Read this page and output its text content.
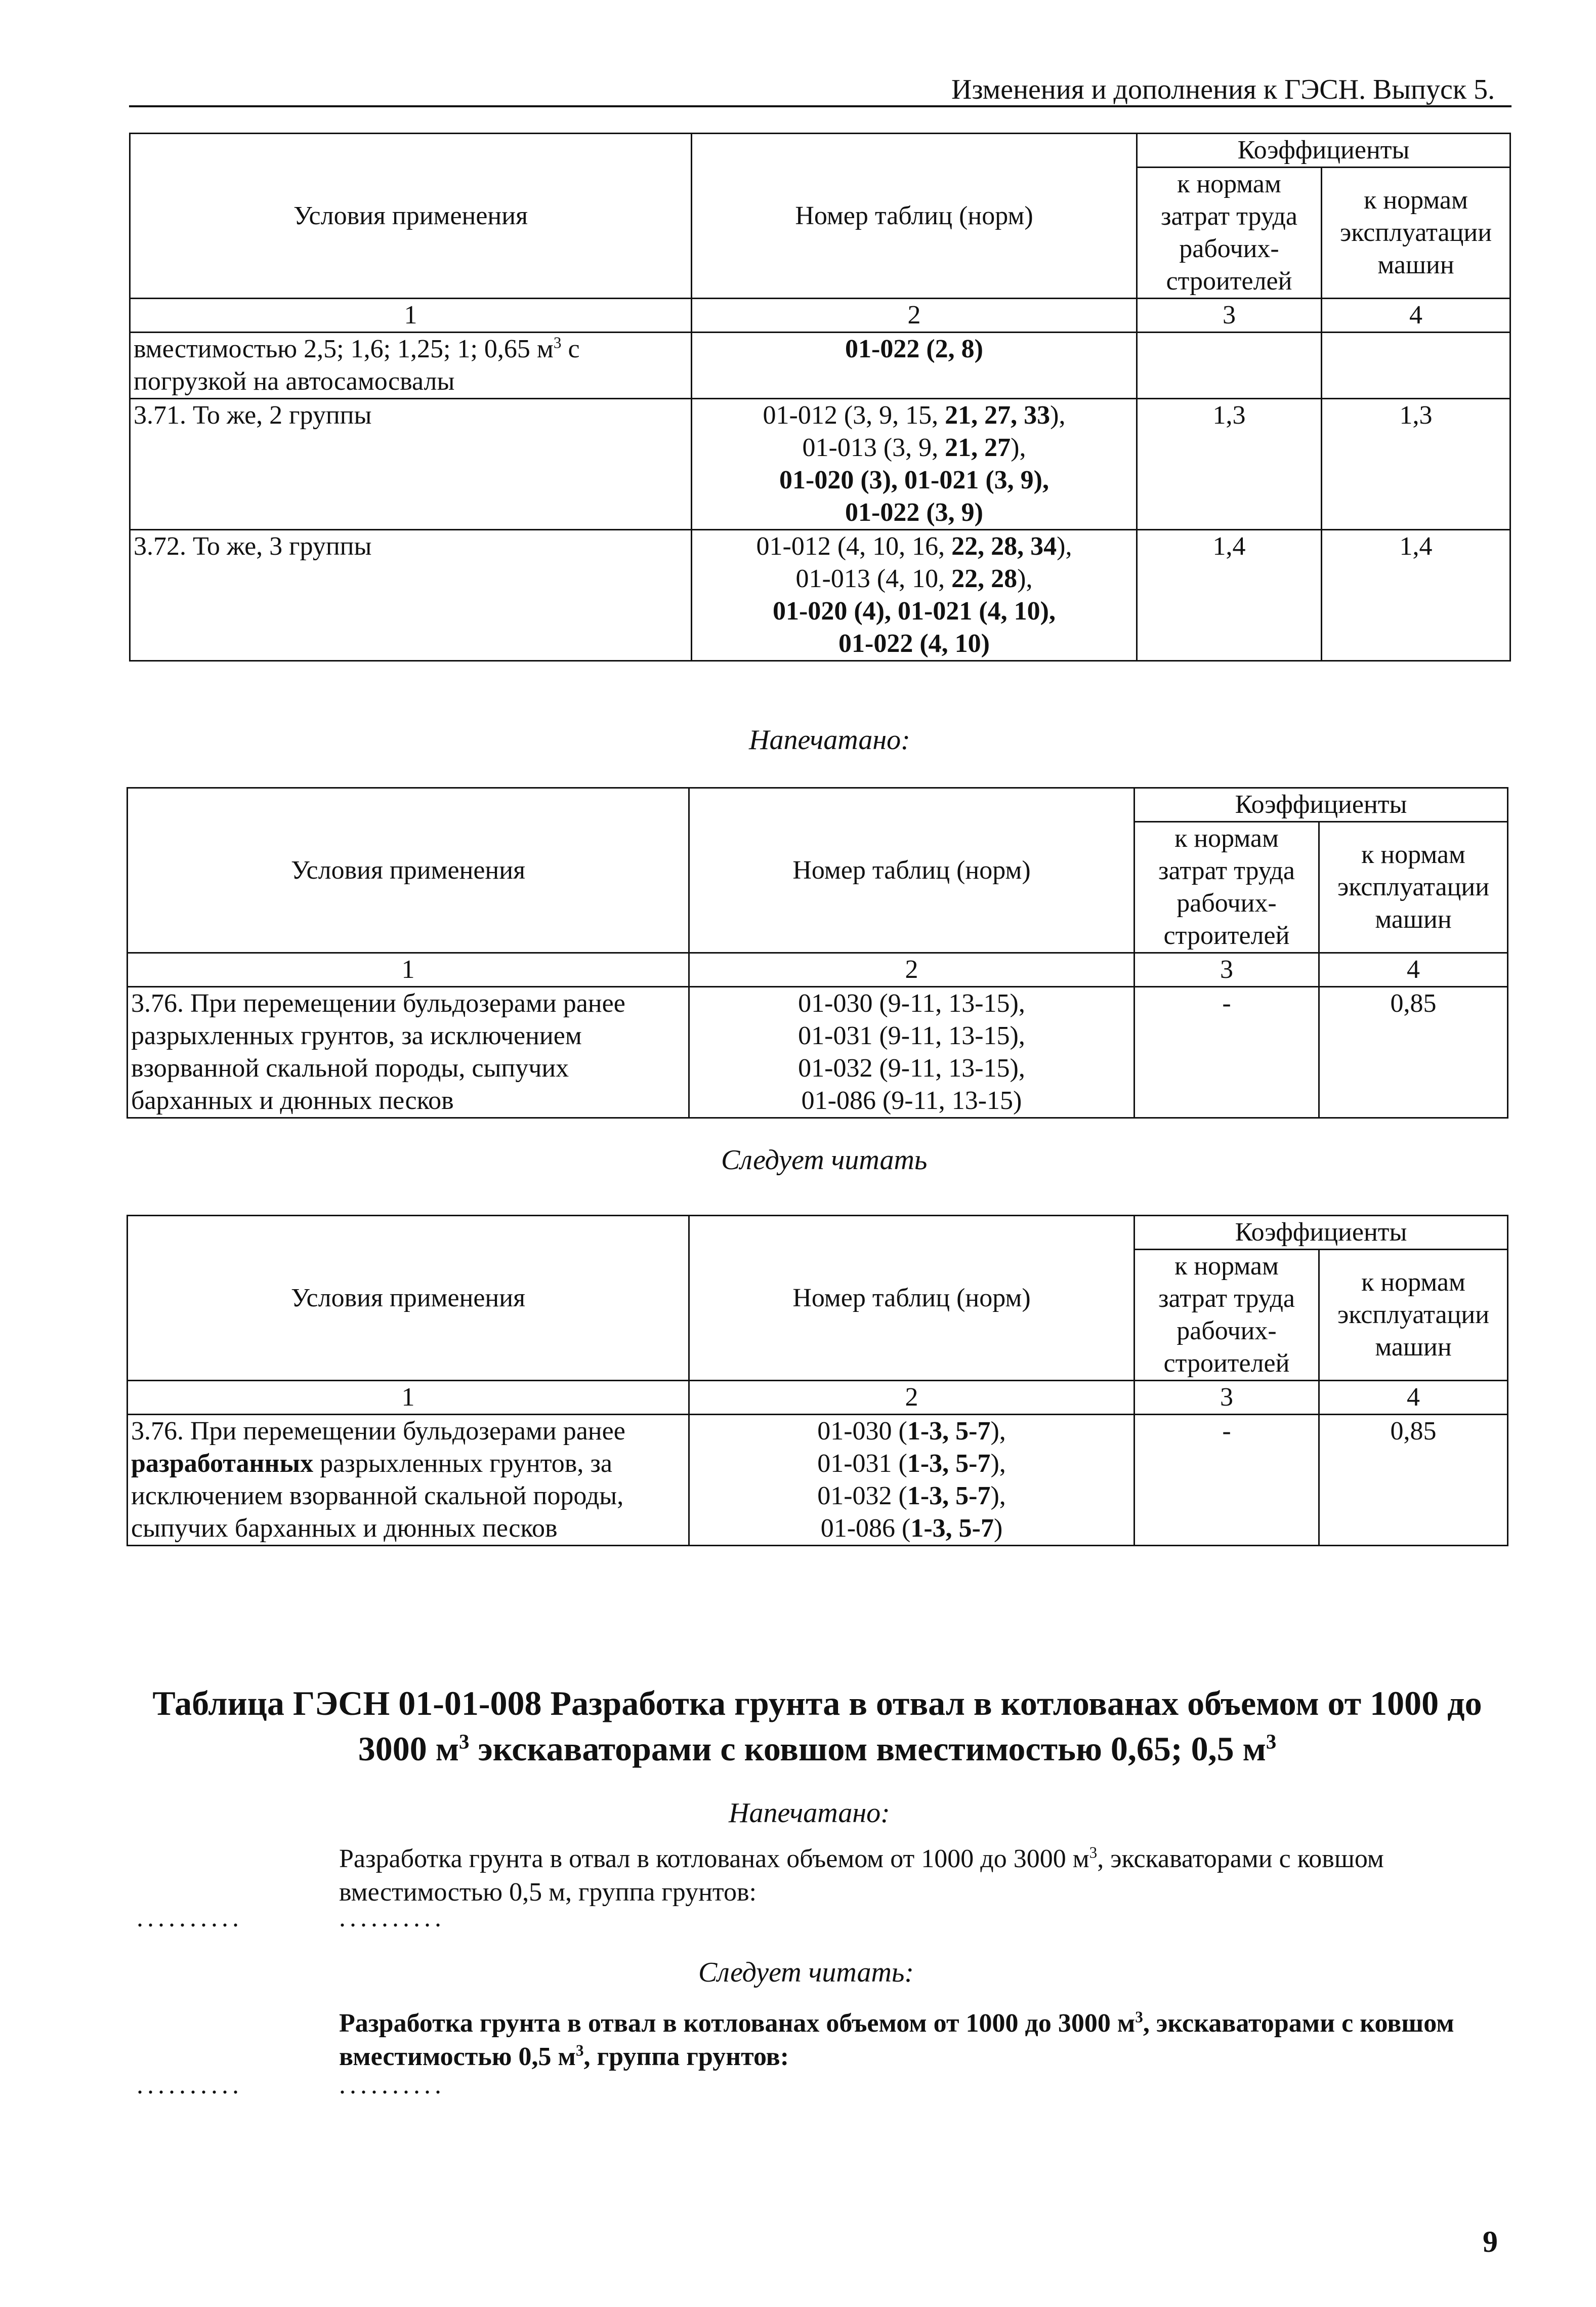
Изменения и дополнения к ГЭСН. Выпуск 5.
Условия применения	Номер таблиц (норм)	Коэффициенты	
		к нормам затрат труда рабочих-строителей	к нормам эксплуатации машин
1	2	3	4
вместимостью 2,5; 1,6; 1,25; 1; 0,65 $м^3$ с погрузкой на автосамосвалы	01-022 (2, 8)		
3.71. То же, 2 группы	01-012 (3, 9, 15, 21, 27, 33),
01-013 (3, 9, 21, 27),
01-020 (3), 01-021 (3, 9),
01-022 (3, 9)	1,3	1,3
3.72. То же, 3 группы	01-012 (4, 10, 16, 22, 28, 34),
01-013 (4, 10, 22, 28),
01-020 (4), 01-021 (4, 10),
01-022 (4, 10)	1,4	1,4
Напечатано:
Условия применения	Номер таблиц (норм)	Коэффициенты	
		к нормам затрат труда рабочих-строителей	к нормам эксплуатации машин
1	2	3	4
3.76. При перемещении бульдозерами ранее разрыхленных грунтов, за исключением взорванной скальной породы, сыпучих барханных и дюнных песков	01-030 (9-11, 13-15),
01-031 (9-11, 13-15),
01-032 (9-11, 13-15),
01-086 (9-11, 13-15)	-	0,85
Следует читать
Условия применения	Номер таблиц (норм)	Коэффициенты	
		к нормам затрат труда рабочих-строителей	к нормам эксплуатации машин
1	2	3	4
3.76. При перемещении бульдозерами ранее разработанных разрыхленных грунтов, за исключением взорванной скальной породы, сыпучих барханных и дюнных песков	01-030 (1-3, 5-7),
01-031 (1-3, 5-7),
01-032 (1-3, 5-7),
01-086 (1-3, 5-7)	-	0,85
Таблица ГЭСН 01-01-008 Разработка грунта в отвал в котлованах объемом от 1000 до
3000 $м^3$ экскаваторами с ковшом вместимостью 0,65; 0,5 $м^3$
Напечатано:
Разработка грунта в отвал в котлованах объемом от 1000 до 3000 $м^3$, экскаваторами с ковшом вместимостью 0,5 м, группа грунтов:
..........	..........
Следует читать:
Разработка грунта в отвал в котлованах объемом от 1000 до 3000 $м^3$, экскаваторами с ковшом вместимостью 0,5 $м^3$, группа грунтов:
..........	..........
9
